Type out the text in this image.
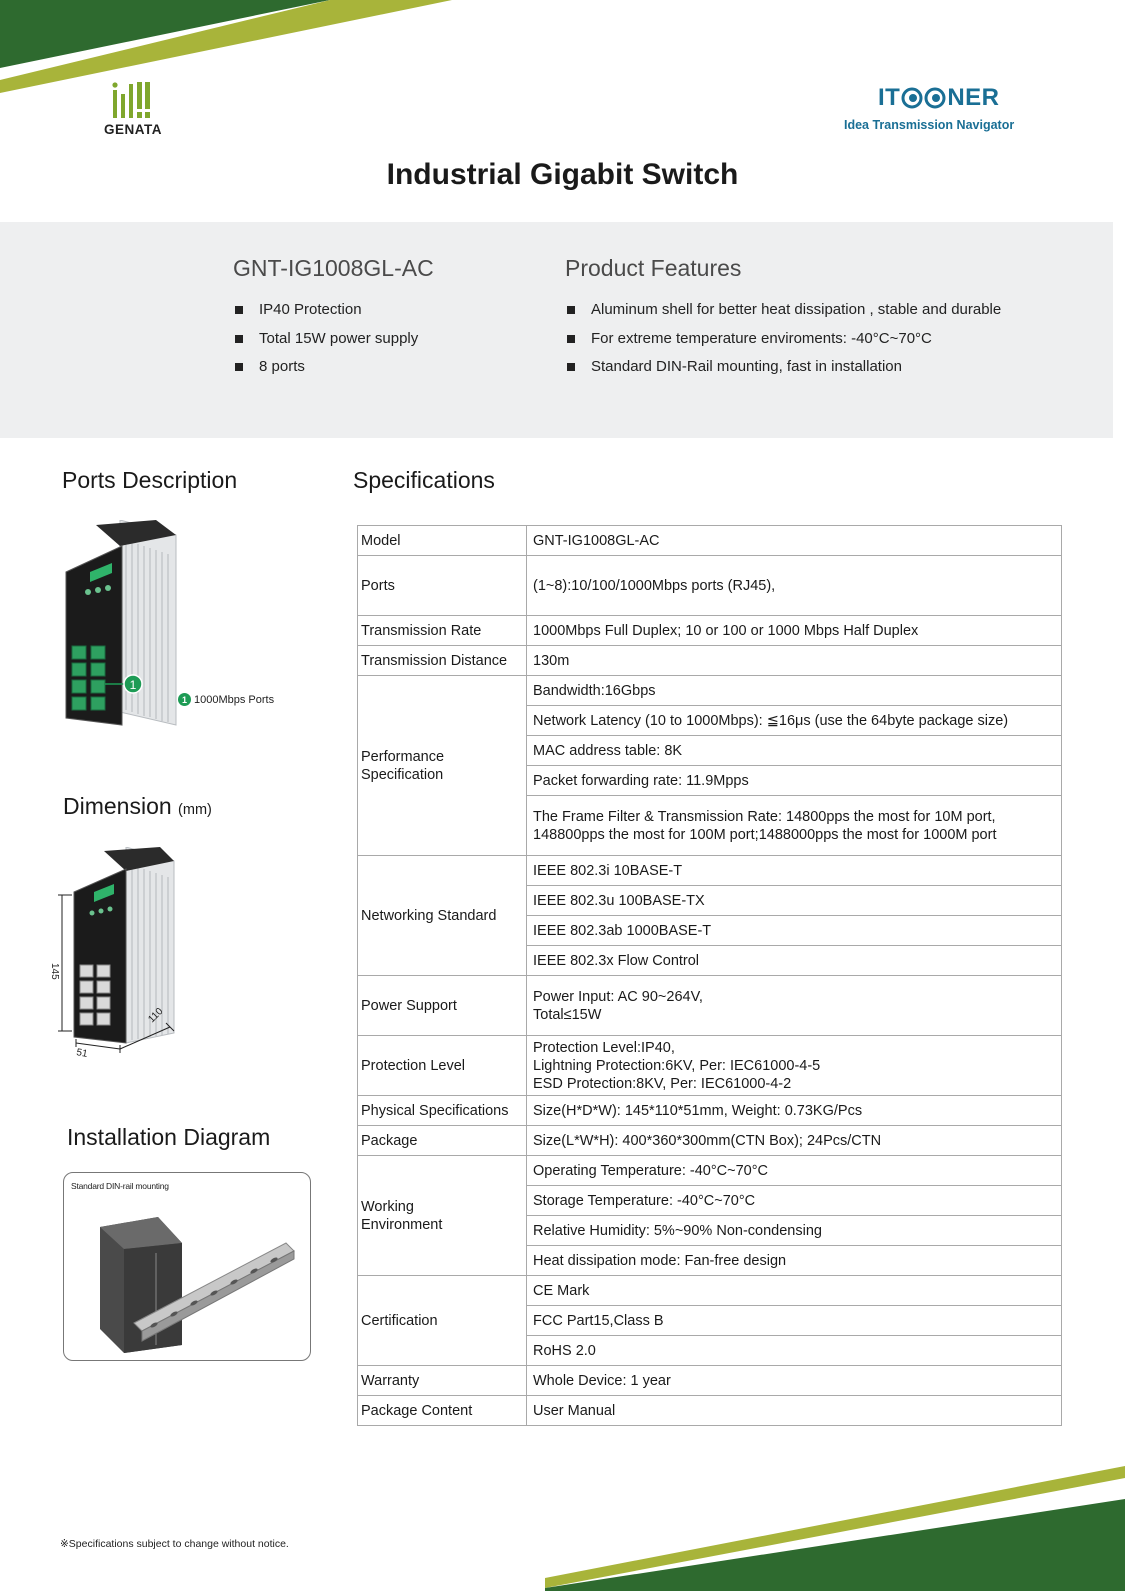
GENATA
IT NER
Idea Transmission Navigator
Industrial Gigabit Switch
GNT-IG1008GL-AC
IP40 Protection
Total 15W power supply
8 ports
Product Features
Aluminum shell for better heat dissipation , stable and durable
For extreme temperature enviroments: -40°C~70°C
Standard DIN-Rail mounting, fast in installation
Ports Description
1
1 1000Mbps Ports
Dimension (mm)
145
110
51
Installation Diagram
Standard DIN-rail mounting
Specifications
Model	GNT-IG1008GL-AC
Ports	(1~8):10/100/1000Mbps ports (RJ45),
Transmission Rate	1000Mbps Full Duplex; 10 or 100 or 1000 Mbps Half Duplex
Transmission Distance	130m

Performance
Specification	Bandwidth:16Gbps
	Network Latency (10 to 1000Mbps): ≦16μs (use the 64byte package size)
	MAC address table: 8K
	Packet forwarding rate: 11.9Mpps

	The Frame Filter & Transmission Rate: 14800pps the most for 10M port,
148800pps the most for 100M port;1488000pps the most for 1000M port

Networking Standard	IEEE 802.3i 10BASE-T
	IEEE 802.3u 100BASE-TX
	IEEE 802.3ab 1000BASE-T
	IEEE 802.3x Flow Control
Power Support	Power Input: AC 90~264V,
Total≤15W

Protection Level	Protection Level:IP40,
Lightning Protection:6KV, Per: IEC61000-4-5
ESD Protection:8KV, Per: IEC61000-4-2

Physical Specifications	Size(H*D*W): 145*110*51mm, Weight: 0.73KG/Pcs
Package	Size(L*W*H): 400*360*300mm(CTN Box); 24Pcs/CTN

Working
Environment	Operating Temperature: -40°C~70°C
	Storage Temperature: -40°C~70°C
	Relative Humidity: 5%~90% Non-condensing
	Heat dissipation mode: Fan-free design
Certification	CE Mark
	FCC Part15,Class B
	RoHS 2.0
Warranty	Whole Device: 1 year
Package Content	User Manual
※Specifications subject to change without notice.
